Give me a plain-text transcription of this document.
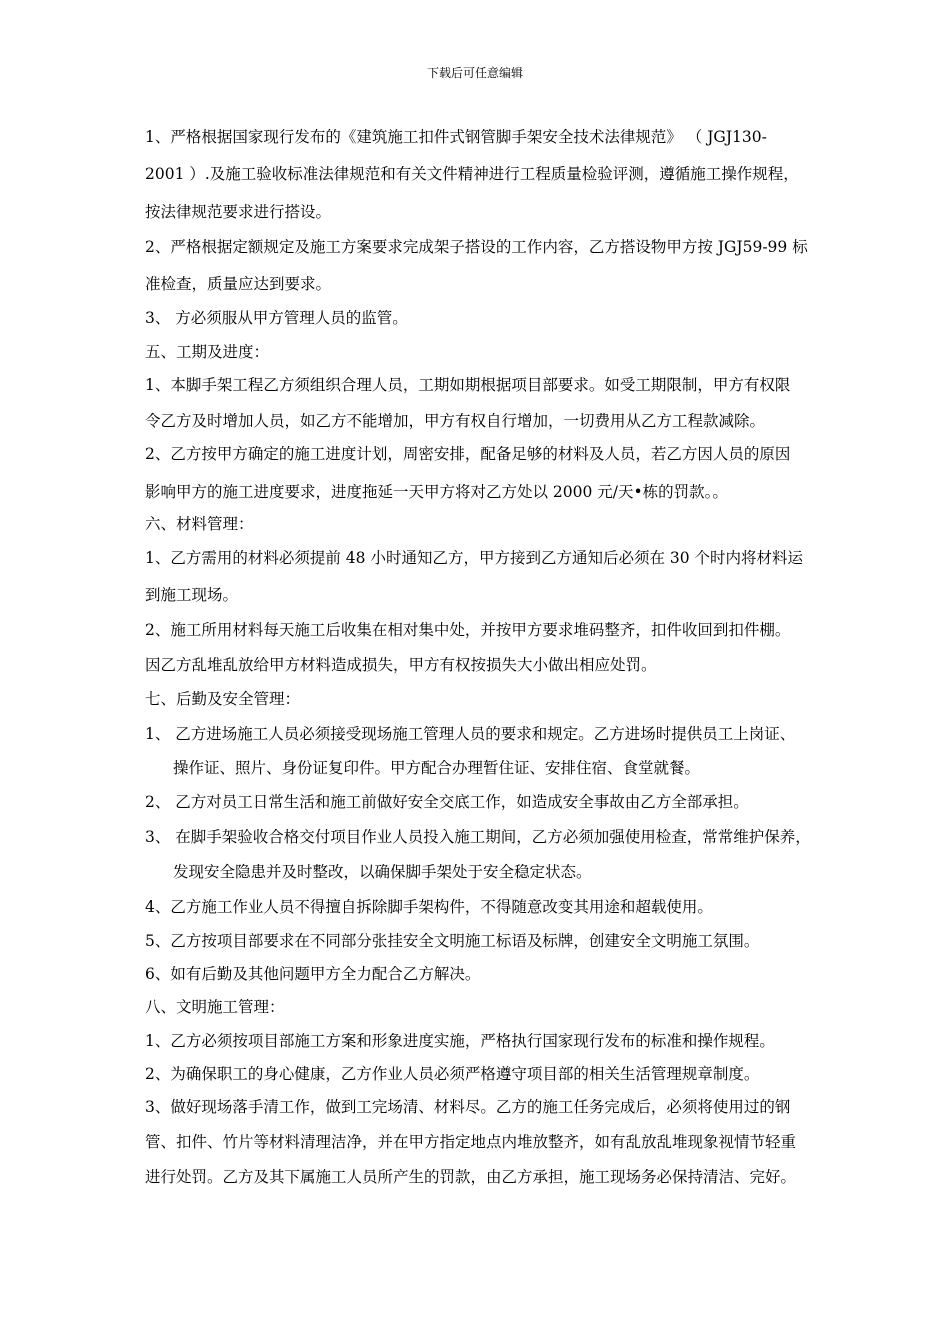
下载后可任意编辑
1、严格根据国家现行发布的《建筑施工扣件式钢管脚手架安全技术法律规范》 （ JGJ130-
2001 ）.及施工验收标准法律规范和有关文件精神进行工程质量检验评测，遵循施工操作规程，
按法律规范要求进行搭设。
2、严格根据定额规定及施工方案要求完成架子搭设的工作内容，乙方搭设物甲方按 JGJ59-99 标
准检查，质量应达到要求。
3、 方必须服从甲方管理人员的监管。
五、工期及进度：
1、本脚手架工程乙方须组织合理人员，工期如期根据项目部要求。如受工期限制，甲方有权限
令乙方及时增加人员，如乙方不能增加，甲方有权自行增加，一切费用从乙方工程款减除。
2、乙方按甲方确定的施工进度计划，周密安排，配备足够的材料及人员，若乙方因人员的原因
影响甲方的施工进度要求，进度拖延一天甲方将对乙方处以 2000 元/天•栋的罚款。。
六、材料管理：
1、乙方需用的材料必须提前 48 小时通知乙方，甲方接到乙方通知后必须在 30 个时内将材料运
到施工现场。
2、施工所用材料每天施工后收集在相对集中处，并按甲方要求堆码整齐，扣件收回到扣件棚。
因乙方乱堆乱放给甲方材料造成损失，甲方有权按损失大小做出相应处罚。
七、后勤及安全管理：
1、 乙方进场施工人员必须接受现场施工管理人员的要求和规定。乙方进场时提供员工上岗证、
操作证、照片、身份证复印件。甲方配合办理暂住证、安排住宿、食堂就餐。
2、 乙方对员工日常生活和施工前做好安全交底工作，如造成安全事故由乙方全部承担。
3、 在脚手架验收合格交付项目作业人员投入施工期间，乙方必须加强使用检查，常常维护保养，
发现安全隐患并及时整改，以确保脚手架处于安全稳定状态。
4、乙方施工作业人员不得擅自拆除脚手架构件，不得随意改变其用途和超载使用。
5、乙方按项目部要求在不同部分张挂安全文明施工标语及标牌，创建安全文明施工氛围。
6、如有后勤及其他问题甲方全力配合乙方解决。
八、文明施工管理：
1、乙方必须按项目部施工方案和形象进度实施，严格执行国家现行发布的标准和操作规程。
2、为确保职工的身心健康，乙方作业人员必须严格遵守项目部的相关生活管理规章制度。
3、做好现场落手清工作，做到工完场清、材料尽。乙方的施工任务完成后，必须将使用过的钢
管、扣件、竹片等材料清理洁净，并在甲方指定地点内堆放整齐，如有乱放乱堆现象视情节轻重
进行处罚。乙方及其下属施工人员所产生的罚款，由乙方承担，施工现场务必保持清洁、完好。
